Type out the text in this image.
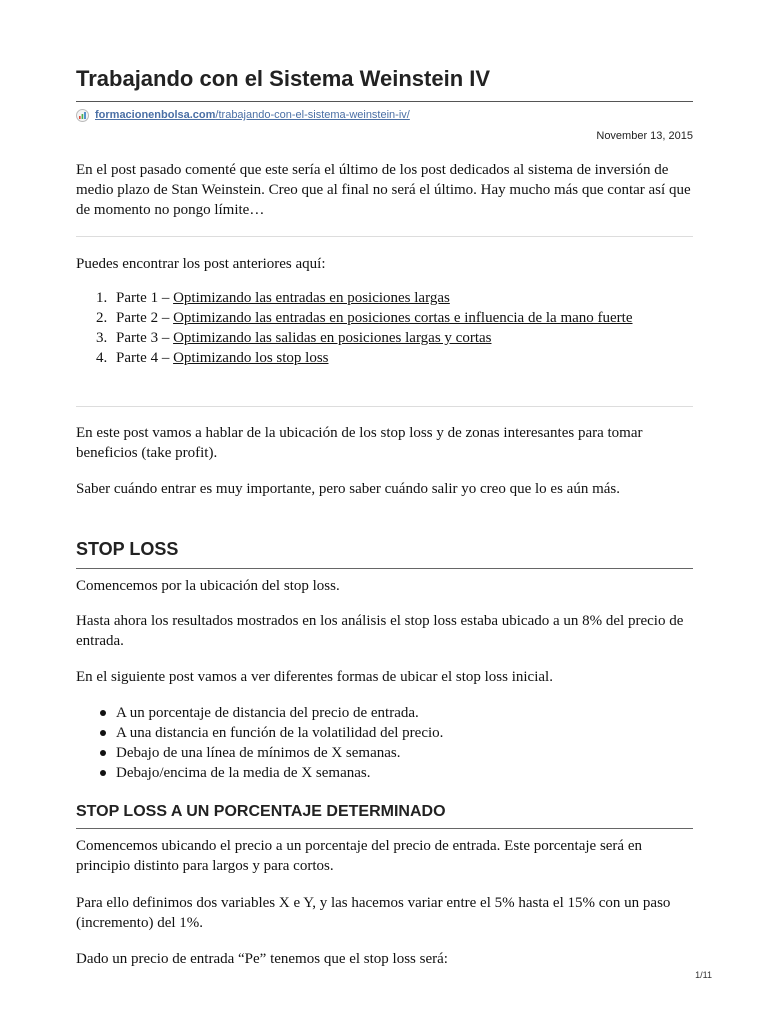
Trabajando con el Sistema Weinstein IV
formacionenbolsa.com /trabajando-con-el-sistema-weinstein-iv/
November 13, 2015

En el post pasado comenté que este sería el último de los post dedicados al sistema de inversión de medio plazo de Stan Weinstein. Creo que al final no será el último. Hay mucho más que contar así que de momento no pongo límite…

Puedes encontrar los post anteriores aquí:

1. Parte 1 – Optimizando las entradas en posiciones largas
2. Parte 2 – Optimizando las entradas en posiciones cortas e influencia de la mano fuerte
3. Parte 3 – Optimizando las salidas en posiciones largas y cortas
4. Parte 4 – Optimizando los stop loss

En este post vamos a hablar de la ubicación de los stop loss y de zonas interesantes para tomar beneficios (take profit).

Saber cuándo entrar es muy importante, pero saber cuándo salir yo creo que lo es aún más.

STOP LOSS

Comencemos por la ubicación del stop loss.

Hasta ahora los resultados mostrados en los análisis el stop loss estaba ubicado a un 8% del precio de entrada.

En el siguiente post vamos a ver diferentes formas de ubicar el stop loss inicial.

A un porcentaje de distancia del precio de entrada.
A una distancia en función de la volatilidad del precio.
Debajo de una línea de mínimos de X semanas.
Debajo/encima de la media de X semanas.
STOP LOSS A UN PORCENTAJE DETERMINADO

Comencemos ubicando el precio a un porcentaje del precio de entrada. Este porcentaje será en principio distinto para largos y para cortos.

Para ello definimos dos variables X e Y, y las hacemos variar entre el 5% hasta el 15% con un paso (incremento) del 1%.

Dado un precio de entrada “Pe” tenemos que el stop loss será:

1/11
